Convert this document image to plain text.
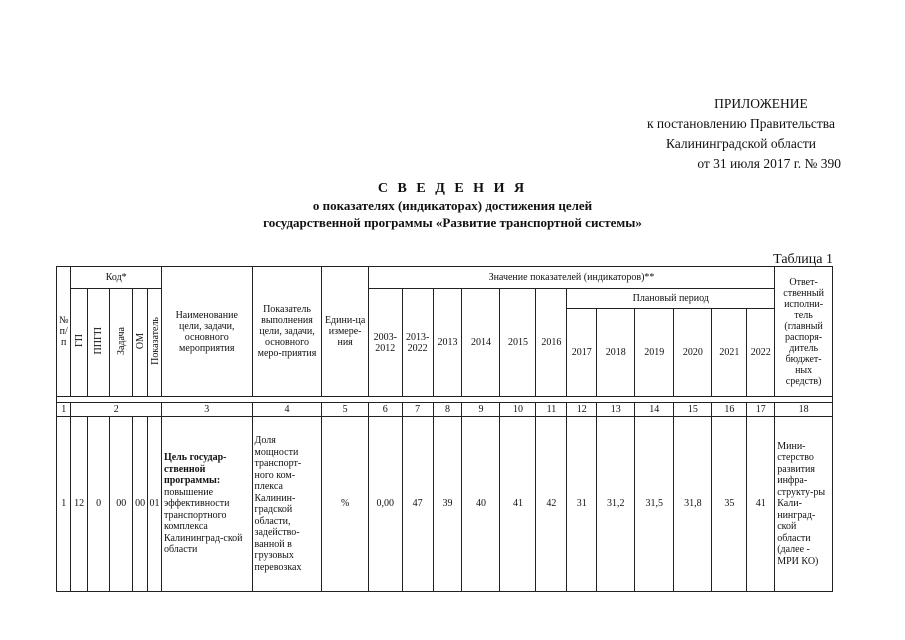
ПРИЛОЖЕНИЕ
к постановлению Правительства
Калининградской области
от 31 июля 2017 г. № 390
С В Е Д Е Н И Я
о показателях (индикаторах) достижения целей
государственной программы «Развитие транспортной системы»
Таблица 1
№ п/п	Код*					Наименование цели, задачи, основного мероприятия	Показатель выполнения цели, задачи, основного меро-приятия	Едини-ца измере-ния	Значение показателей (индикаторов)**												Ответ-ственный исполни-тель (главный распоря-дитель бюджет-ных средств)
	ГП	ППГП	Задача	ОМ	Показатель				2003-2012	2013-2022	2013	2014	2015	2016	Плановый период						
															2017	2018	2019	2020	2021	2022	

1	2					3	4	5	6	7	8	9	10	11	12	13	14	15	16	17	18
1	12	0	00	00	01	Цель государ-ственной программы: повышение эффективности транспортного комплекса Калининград-ской области	Доля мощности транспорт-ного ком-плекса Калинин-градской области, задейство-ванной в грузовых перевозках	%	0,00	47	39	40	41	42	31	31,2	31,5	31,8	35	41	Мини-стерство развития инфра-структу-ры Кали-нинград-ской области (далее - МРИ КО)
